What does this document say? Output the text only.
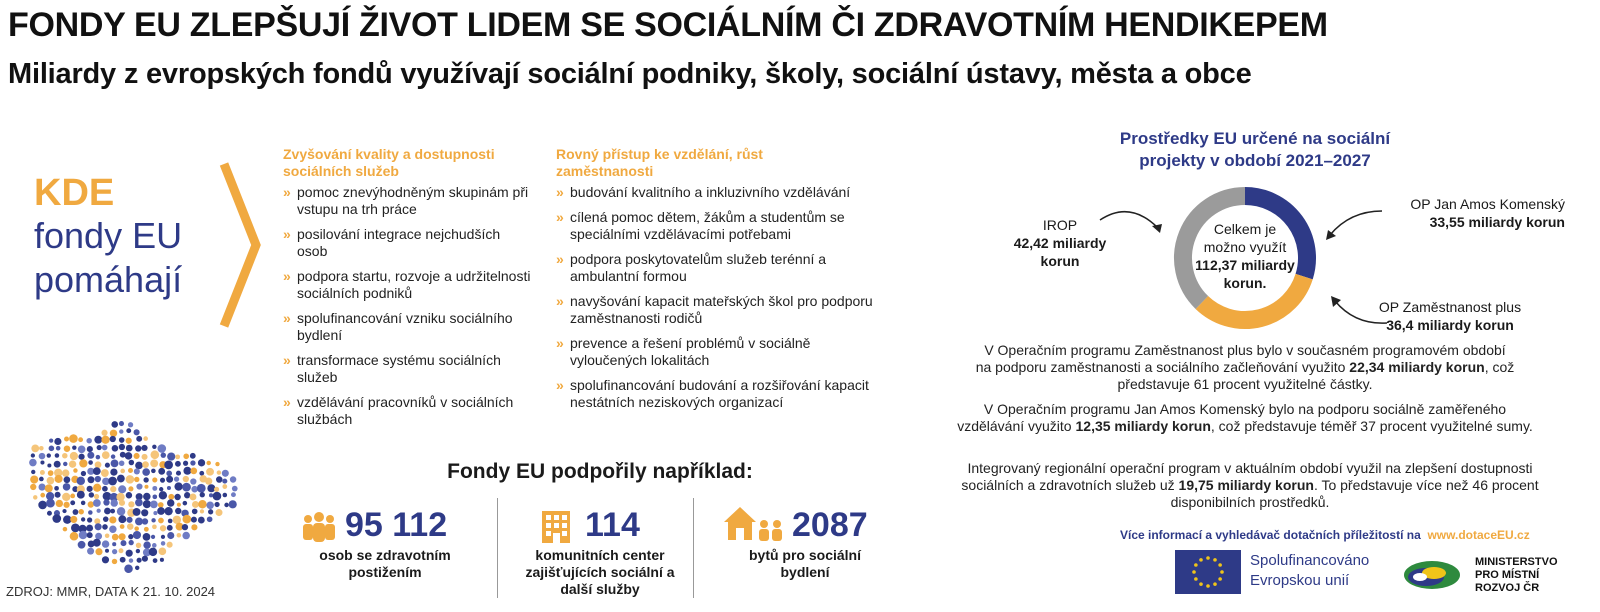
FONDY EU ZLEPŠUJÍ ŽIVOT LIDEM SE SOCIÁLNÍM ČI ZDRAVOTNÍM HENDIKEPEM
Miliardy z evropských fondů využívají sociální podniky, školy, sociální ústavy, města a obce
KDE
fondy EU
pomáhají
Zvyšování kvality a dostupnosti sociálních služeb
» pomoc znevýhodněným skupinám při vstupu na trh práce
» posilování integrace nejchudších osob
» podpora startu, rozvoje a udržitelnosti sociálních podniků
» spolufinancování vzniku sociálního bydlení
» transformace systému sociálních služeb
» vzdělávání pracovníků v sociálních službách
Rovný přístup ke vzdělání, růst zaměstnanosti
» budování kvalitního a inkluzivního vzdělávání
» cílená pomoc dětem, žákům a studentům se speciálními vzdělávacími potřebami
» podpora poskytovatelům služeb terénní a ambulantní formou
» navyšování kapacit mateřských škol pro podporu zaměstnanosti rodičů
» prevence a řešení problémů v sociálně vyloučených lokalitách
» spolufinancování budování a rozšiřování kapacit nestátních neziskových organizací
Prostředky EU určené na sociální
projekty v období 2021–2027
Celkem je
možno využít
112,37 miliardy
korun.
IROP
42,42 miliardy
korun
OP Jan Amos Komenský
33,55 miliardy korun
OP Zaměstnanost plus
36,4 miliardy korun
V Operačním programu Zaměstnanost plus bylo v současném programovém období na podporu zaměstnanosti a sociálního začleňování využito 22,34 miliardy korun, což představuje 61 procent využitelné částky.
V Operačním programu Jan Amos Komenský bylo na podporu sociálně zaměřeného vzdělávání využito 12,35 miliardy korun, což představuje téměř 37 procent využitelné sumy.
Integrovaný regionální operační program v aktuálním období využil na zlepšení dostupnosti sociálních a zdravotních služeb už 19,75 miliardy korun. To představuje více než 46 procent disponibilních prostředků.
Fondy EU podpořily například:
95 112
osob se zdravotním postižením
114
komunitních center zajišťujících sociální a další služby
2087
bytů pro sociální bydlení
ZDROJ: MMR, DATA K 21. 10. 2024
Více informací a vyhledávač dotačních příležitostí na www.dotaceEU.cz
Spolufinancováno
Evropskou unií
MINISTERSTVO
PRO MÍSTNÍ
ROZVOJ ČR
